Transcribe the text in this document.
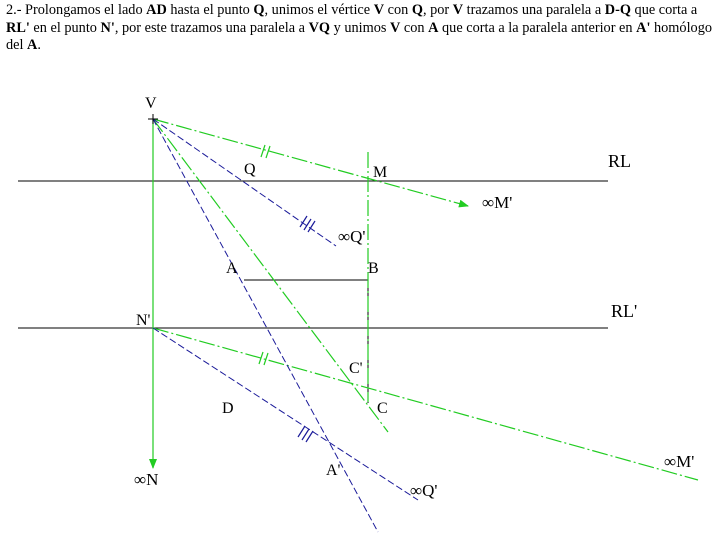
2.- Prolongamos el lado AD hasta el punto Q, unimos el vértice V con Q, por V trazamos una paralela a D-Q que corta a RL' en el punto N', por este trazamos una paralela a VQ y unimos V con A que corta a la paralela anterior en A' homólogo del A.
V
Q	M
RL
∞M'
∞Q'
A	B
N'	RL'
C'
D	C
∞M'
A'
∞Q'
∞N
